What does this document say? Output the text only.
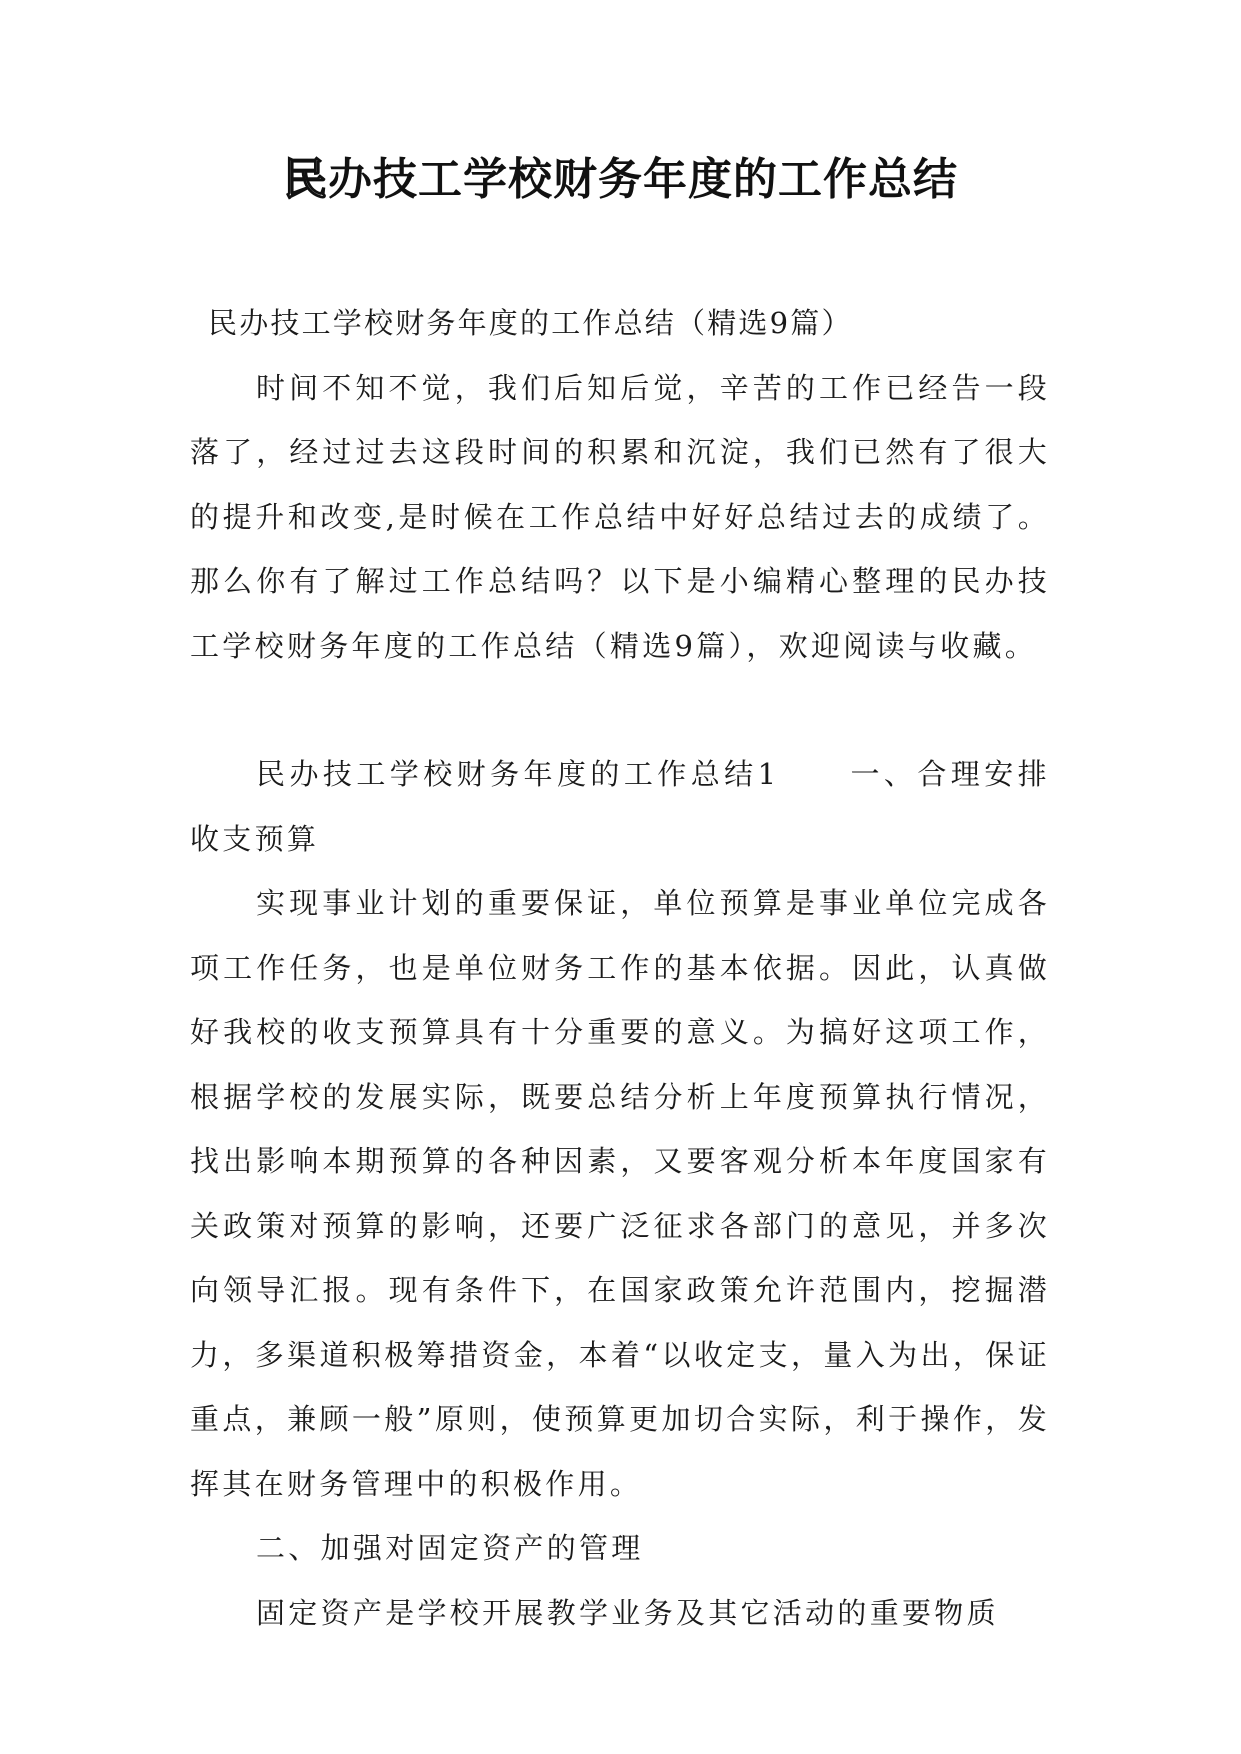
民办技工学校财务年度的工作总结

民办技工学校财务年度的工作总结（精选9篇）

时间不知不觉，我们后知后觉，辛苦的工作已经告一段落了，经过过去这段时间的积累和沉淀，我们已然有了很大的提升和改变,是时候在工作总结中好好总结过去的成绩了。那么你有了解过工作总结吗？以下是小编精心整理的民办技工学校财务年度的工作总结（精选9篇），欢迎阅读与收藏。

民办技工学校财务年度的工作总结1 一、合理安排收支预算

实现事业计划的重要保证，单位预算是事业单位完成各项工作任务，也是单位财务工作的基本依据。因此，认真做好我校的收支预算具有十分重要的意义。为搞好这项工作，根据学校的发展实际，既要总结分析上年度预算执行情况，找出影响本期预算的各种因素，又要客观分析本年度国家有关政策对预算的影响，还要广泛征求各部门的意见，并多次向领导汇报。现有条件下，在国家政策允许范围内，挖掘潜力，多渠道积极筹措资金，本着“以收定支，量入为出，保证重点，兼顾一般”原则，使预算更加切合实际，利于操作，发挥其在财务管理中的积极作用。

二、加强对固定资产的管理

固定资产是学校开展教学业务及其它活动的重要物质
